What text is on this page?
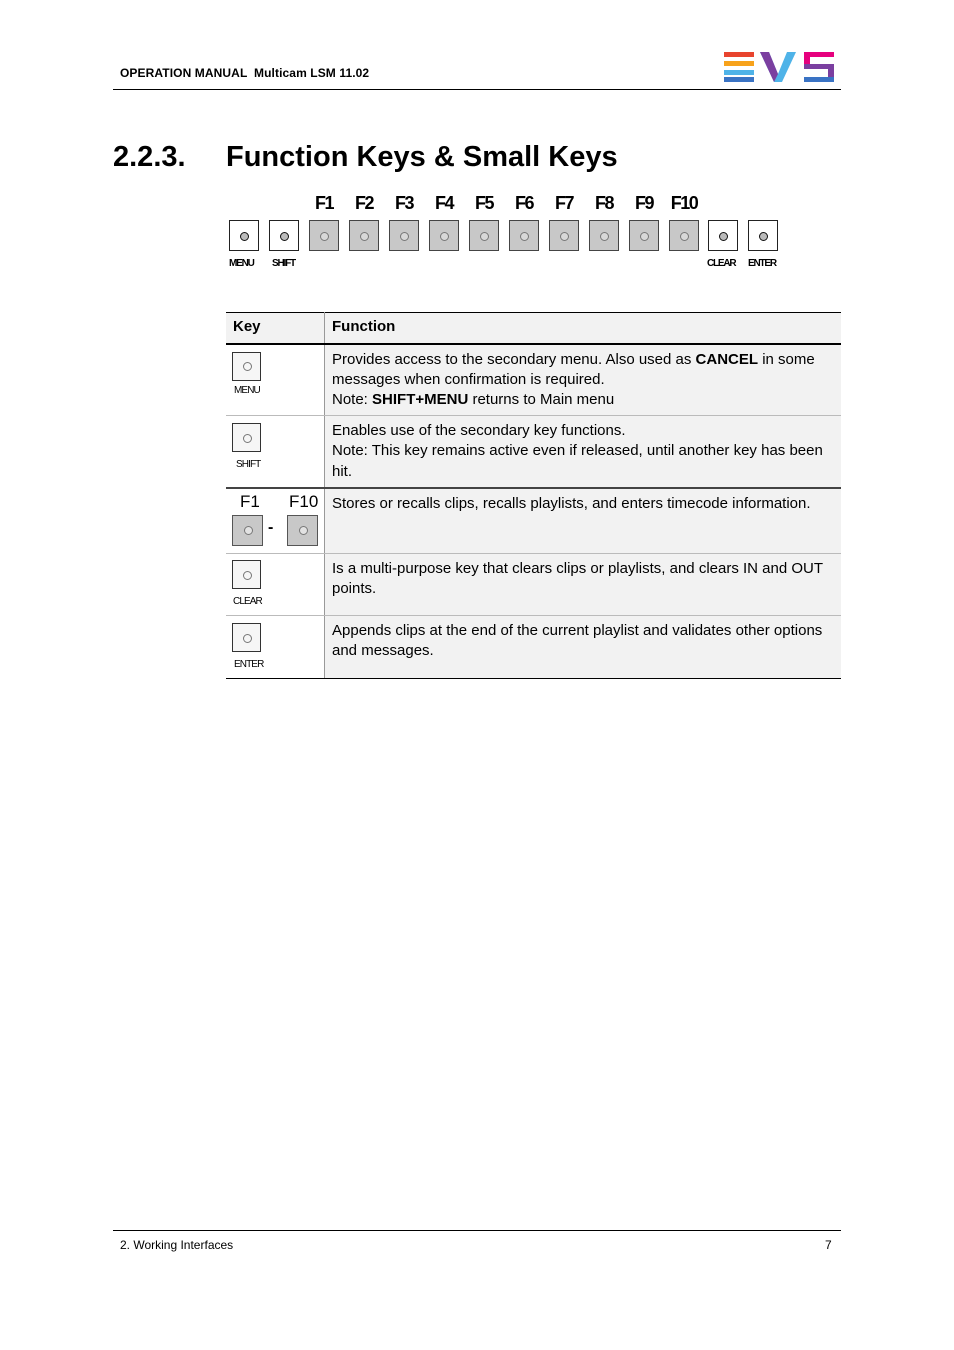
OPERATION MANUAL Multicam LSM 11.02
2.2.3. Function Keys & Small Keys
F1	F2	F3	F4	F5	F6	F7	F8	F9 F10
MENU SHIFT	CLEAR ENTER
Key	Function

MENU	Provides access to the secondary menu. Also used as CANCEL in some messages when confirmation is required.
Note: SHIFT+MENU returns to Main menu

SHIFT	Enables use of the secondary key functions.
Note: This key remains active even if released, until another key has been hit.

F1 F10
-	Stores or recalls clips, recalls playlists, and enters timecode information.

CLEAR	Is a multi-purpose key that clears clips or playlists, and clears IN and OUT points.

ENTER	Appends clips at the end of the current playlist and validates other options and messages.
2. Working Interfaces	7
